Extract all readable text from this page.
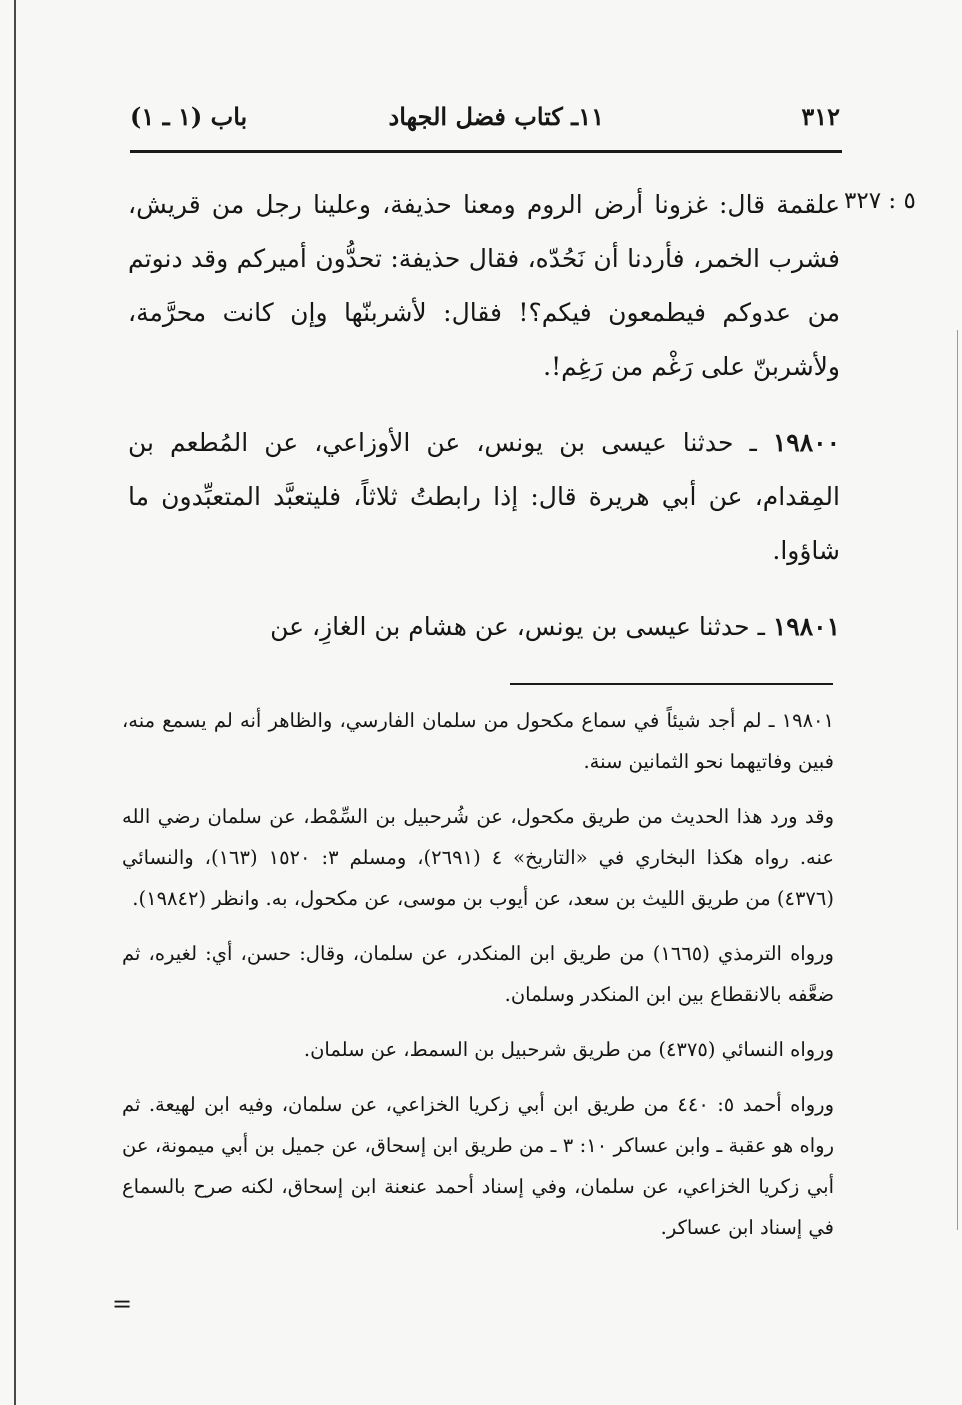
٣١٢
١١ـ كتاب فضل الجهاد
باب (١ ـ ١)
٥ : ٣٢٧

علقمة قال: غزونا أرض الروم ومعنا حذيفة، وعلينا رجل من قريش، فشرب الخمر، فأردنا أن نَحُدّه، فقال حذيفة: تحدُّون أميركم وقد دنوتم من عدوكم فيطمعون فيكم؟! فقال: لأشربنّها وإن كانت محرَّمة، ولأشربنّ على رَغْم من رَغِم!.

١٩٨٠٠ ـ حدثنا عيسى بن يونس، عن الأوزاعي، عن المُطعم بن المِقدام، عن أبي هريرة قال: إذا رابطتُ ثلاثاً، فليتعبَّد المتعبِّدون ما شاؤوا.

١٩٨٠١ ـ حدثنا عيسى بن يونس، عن هشام بن الغازِ، عن

١٩٨٠١ ـ لم أجد شيئاً في سماع مكحول من سلمان الفارسي، والظاهر أنه لم يسمع منه، فبين وفاتيهما نحو الثمانين سنة.

وقد ورد هذا الحديث من طريق مكحول، عن شُرحبيل بن السِّمْط، عن سلمان رضي الله عنه. رواه هكذا البخاري في «التاريخ» ٤ (٢٦٩١)، ومسلم ٣: ١٥٢٠ (١٦٣)، والنسائي (٤٣٧٦) من طريق الليث بن سعد، عن أيوب بن موسى، عن مكحول، به. وانظر (١٩٨٤٢).

ورواه الترمذي (١٦٦٥) من طريق ابن المنكدر، عن سلمان، وقال: حسن، أي: لغيره، ثم ضعَّفه بالانقطاع بين ابن المنكدر وسلمان.

ورواه النسائي (٤٣٧٥) من طريق شرحبيل بن السمط، عن سلمان.

ورواه أحمد ٥: ٤٤٠ من طريق ابن أبي زكريا الخزاعي، عن سلمان، وفيه ابن لهيعة. ثم رواه هو عقبة ـ وابن عساكر ١٠: ٣ ـ من طريق ابن إسحاق، عن جميل بن أبي ميمونة، عن أبي زكريا الخزاعي، عن سلمان، وفي إسناد أحمد عنعنة ابن إسحاق، لكنه صرح بالسماع في إسناد ابن عساكر.

=
